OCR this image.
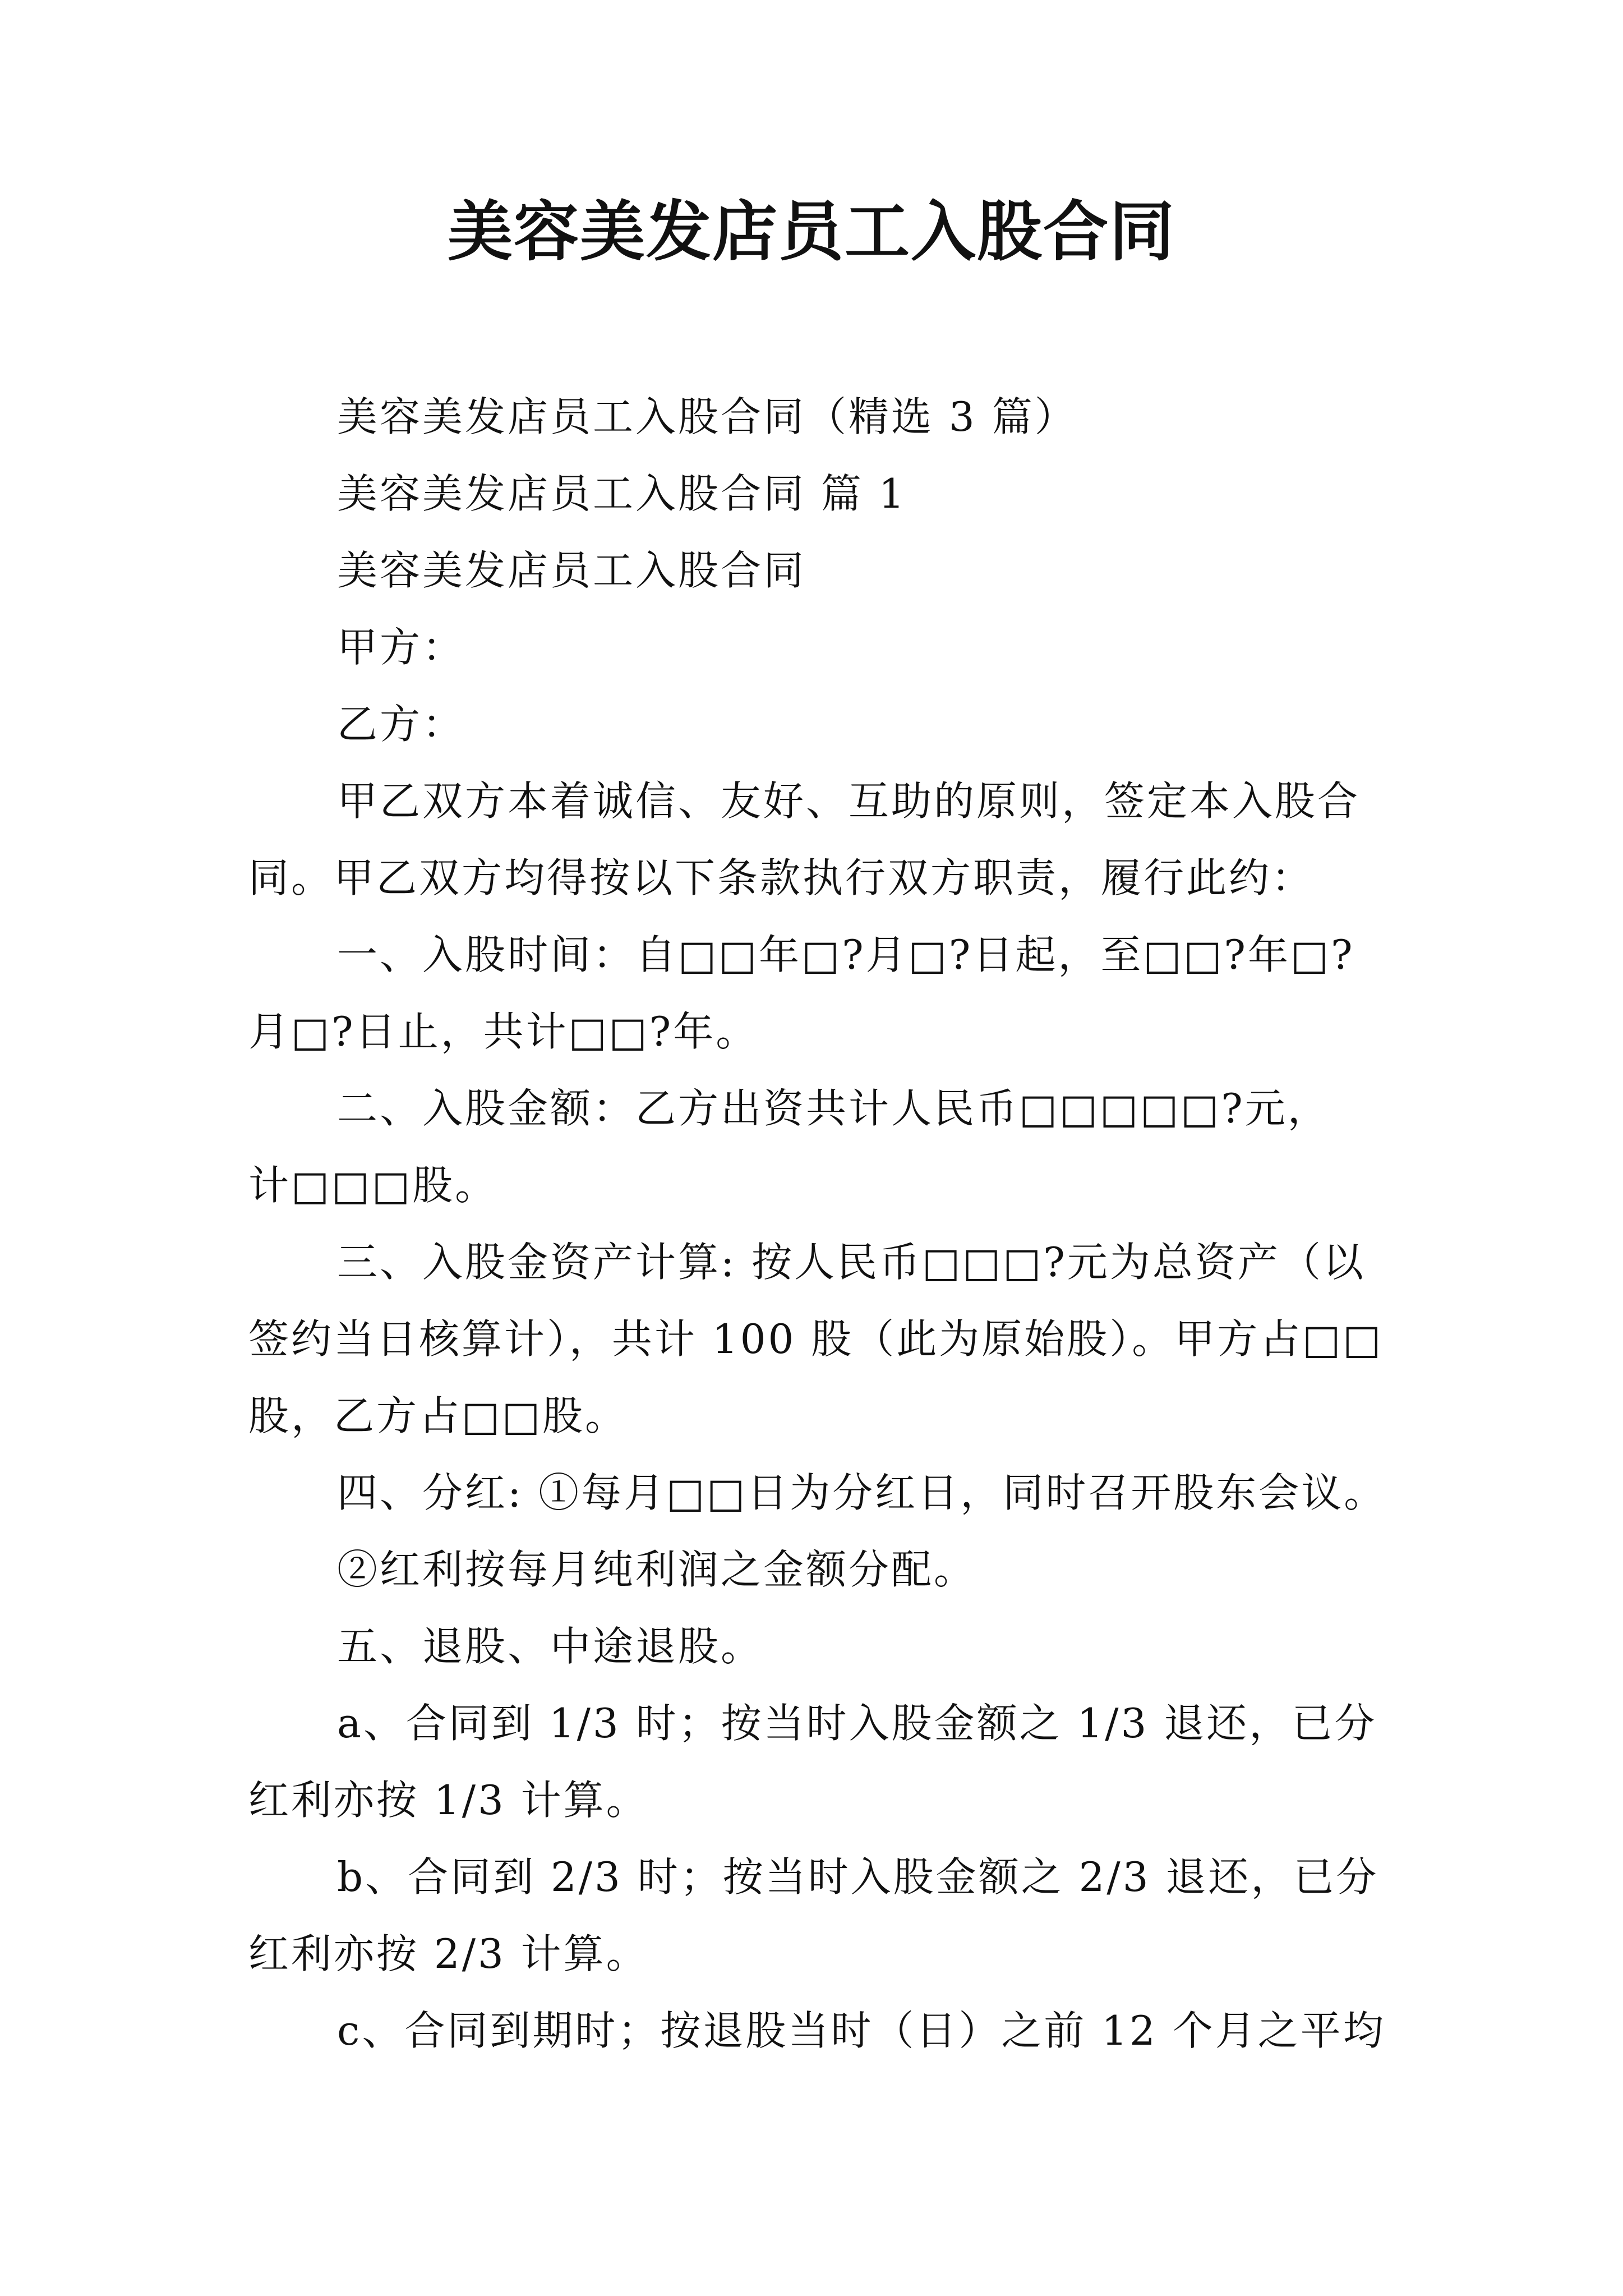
美容美发店员工入股合同

美容美发店员工入股合同（精选 3 篇）

美容美发店员工入股合同 篇 1

美容美发店员工入股合同

甲方：

乙方：

甲乙双方本着诚信、友好、互助的原则，签定本入股合

同。甲乙双方均得按以下条款执行双方职责，履行此约：

一、入股时间：自□□年□?月□?日起，至□□?年□?

月□?日止，共计□□?年。

二、入股金额：乙方出资共计人民币□□□□□?元，

计□□□股。

三、入股金资产计算: 按人民币□□□?元为总资产（以

签约当日核算计），共计 100 股（此为原始股）。甲方占□□

股，乙方占□□股。

四、分红: ①每月□□日为分红日，同时召开股东会议。

②红利按每月纯利润之金额分配。

五、退股、中途退股。

a、合同到 1/3 时；按当时入股金额之 1/3 退还，已分

红利亦按 1/3 计算。

b、合同到 2/3 时；按当时入股金额之 2/3 退还，已分

红利亦按 2/3 计算。

c、合同到期时；按退股当时（日）之前 12 个月之平均
